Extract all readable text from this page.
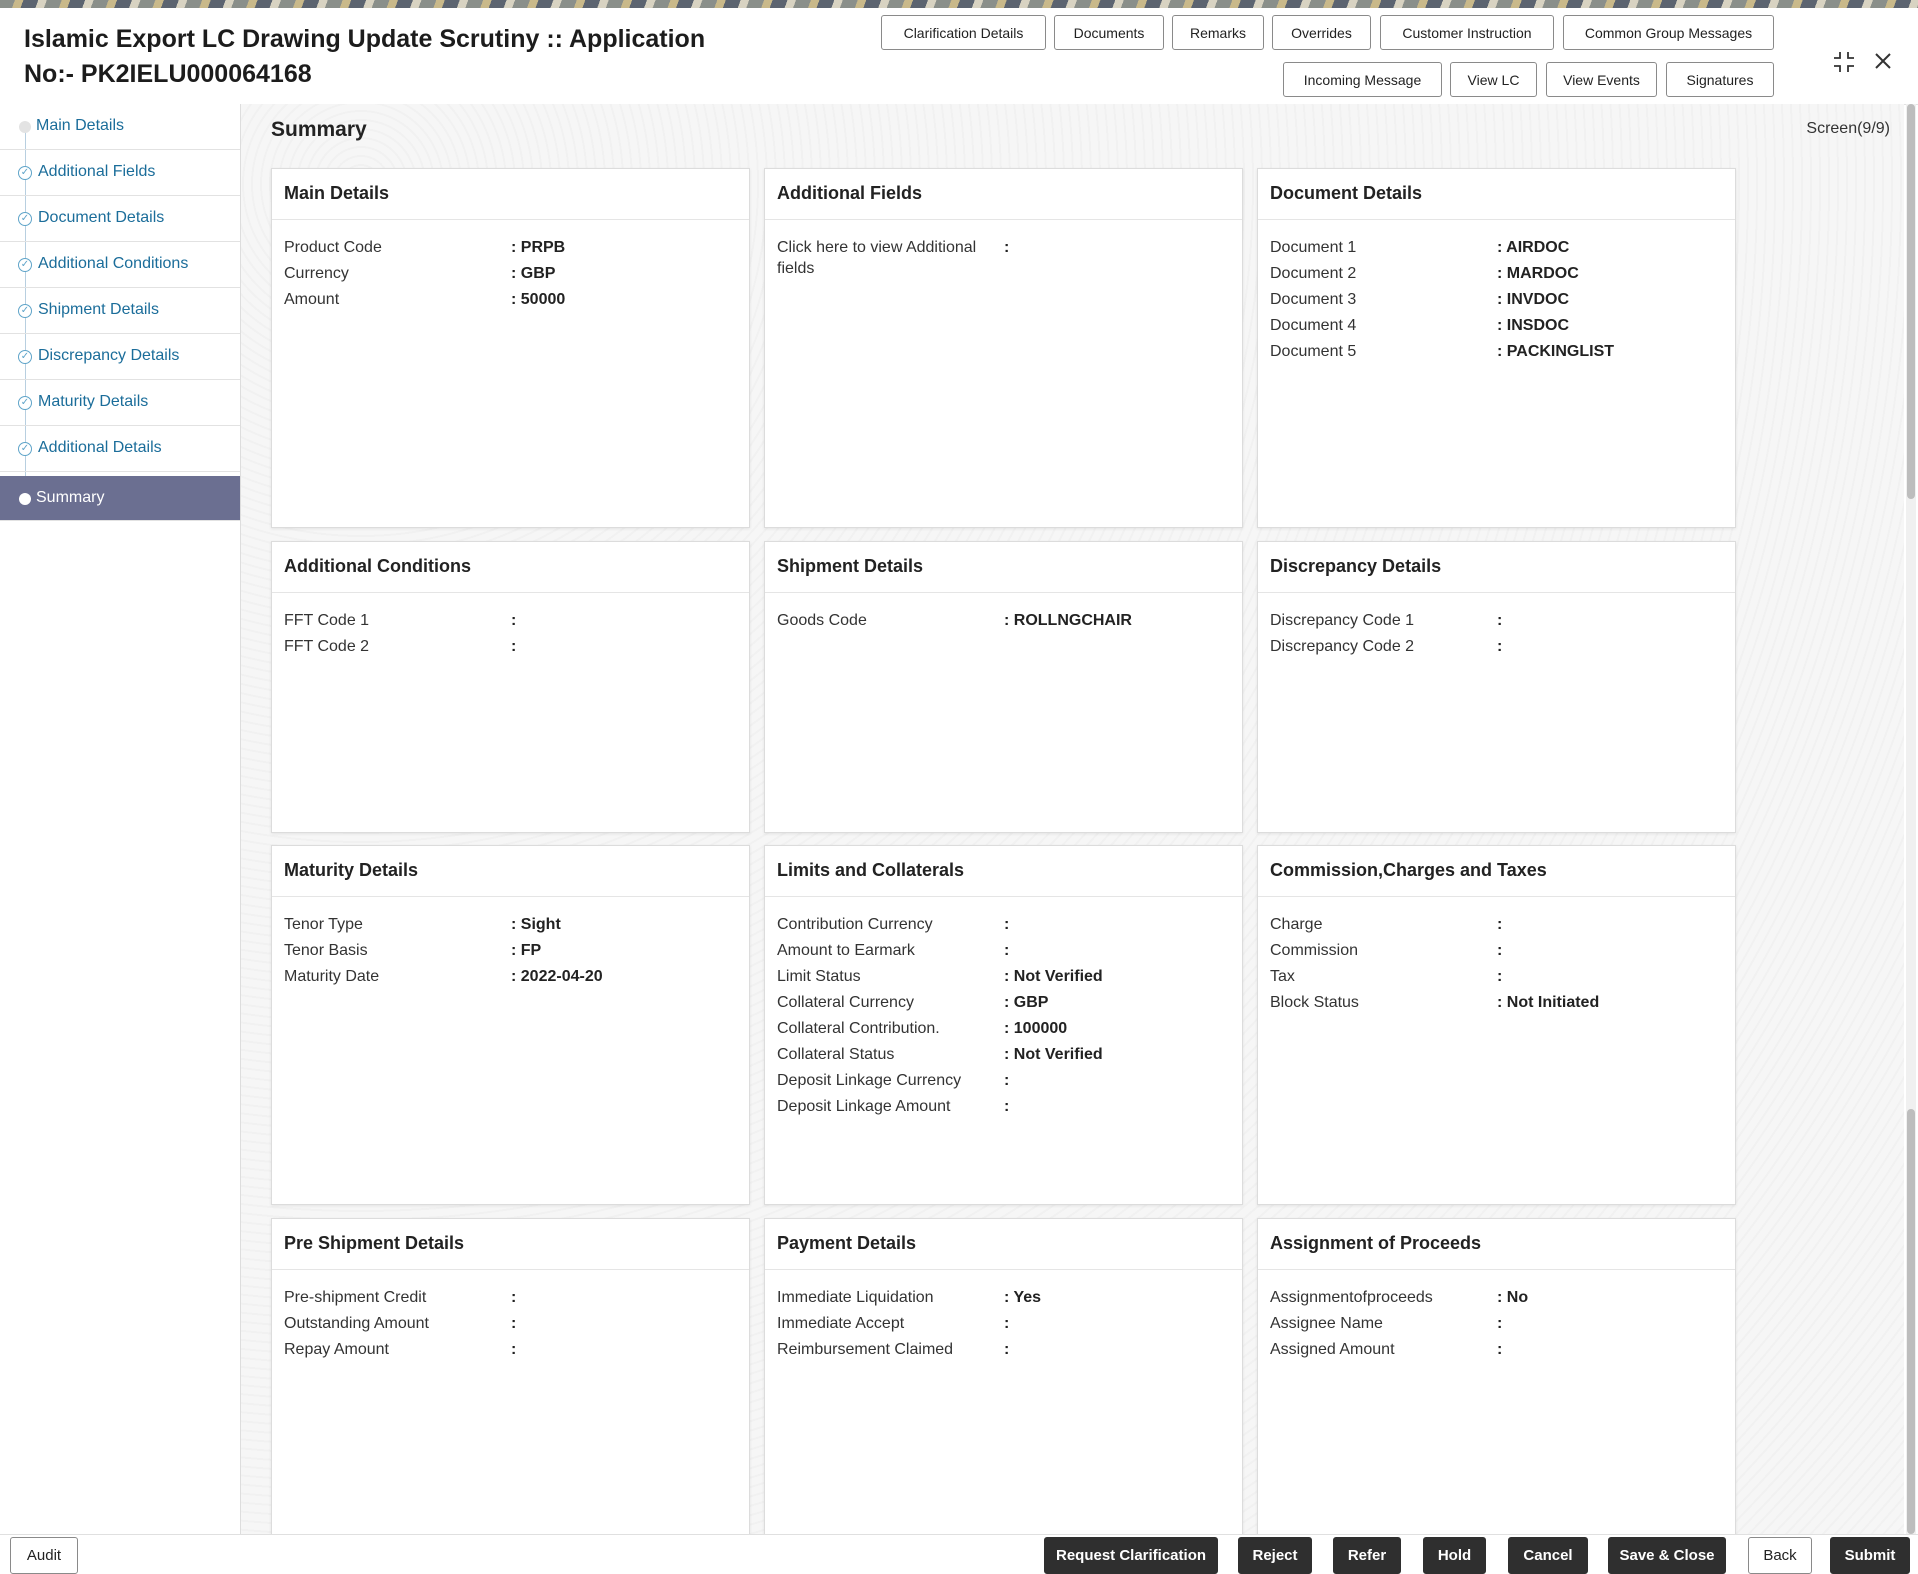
Islamic Export LC Drawing Update Scrutiny :: Application No:- PK2IELU000064168
Clarification Details	Documents	Remarks	Overrides	Customer Instruction	Common Group Messages
Incoming Message	View LC	View Events	Signatures
Main Details
✓ Additional Fields
✓ Document Details
✓ Additional Conditions
✓ Shipment Details
✓ Discrepancy Details
✓ Maturity Details
✓ Additional Details
Summary
Summary	Screen(9/9)
Main Details
Product Code	: PRPB
Currency	: GBP
Amount	: 50000
Additional Fields
Click here to view Additional fields
:
Document Details
Document 1	: AIRDOC
Document 2	: MARDOC
Document 3	: INVDOC
Document 4	: INSDOC
Document 5	: PACKINGLIST
Additional Conditions
FFT Code 1	:
FFT Code 2	:
Shipment Details
Goods Code	: ROLLNGCHAIR
Discrepancy Details
Discrepancy Code 1	:
Discrepancy Code 2	:
Maturity Details
Tenor Type	: Sight
Tenor Basis	: FP
Maturity Date	: 2022-04-20
Limits and Collaterals
Contribution Currency	:
Amount to Earmark	:
Limit Status	: Not Verified
Collateral Currency	: GBP
Collateral Contribution.	: 100000
Collateral Status	: Not Verified
Deposit Linkage Currency	:
Deposit Linkage Amount	:
Commission,Charges and Taxes
Charge	:
Commission	:
Tax	:
Block Status	: Not Initiated
Pre Shipment Details
Pre-shipment Credit	:
Outstanding Amount	:
Repay Amount	:
Payment Details
Immediate Liquidation	: Yes
Immediate Accept	:
Reimbursement Claimed	:
Assignment of Proceeds
Assignmentofproceeds	: No
Assignee Name	:
Assigned Amount	:
Audit	Request Clarification	Reject	Refer	Hold	Cancel	Save & Close	Back	Submit
